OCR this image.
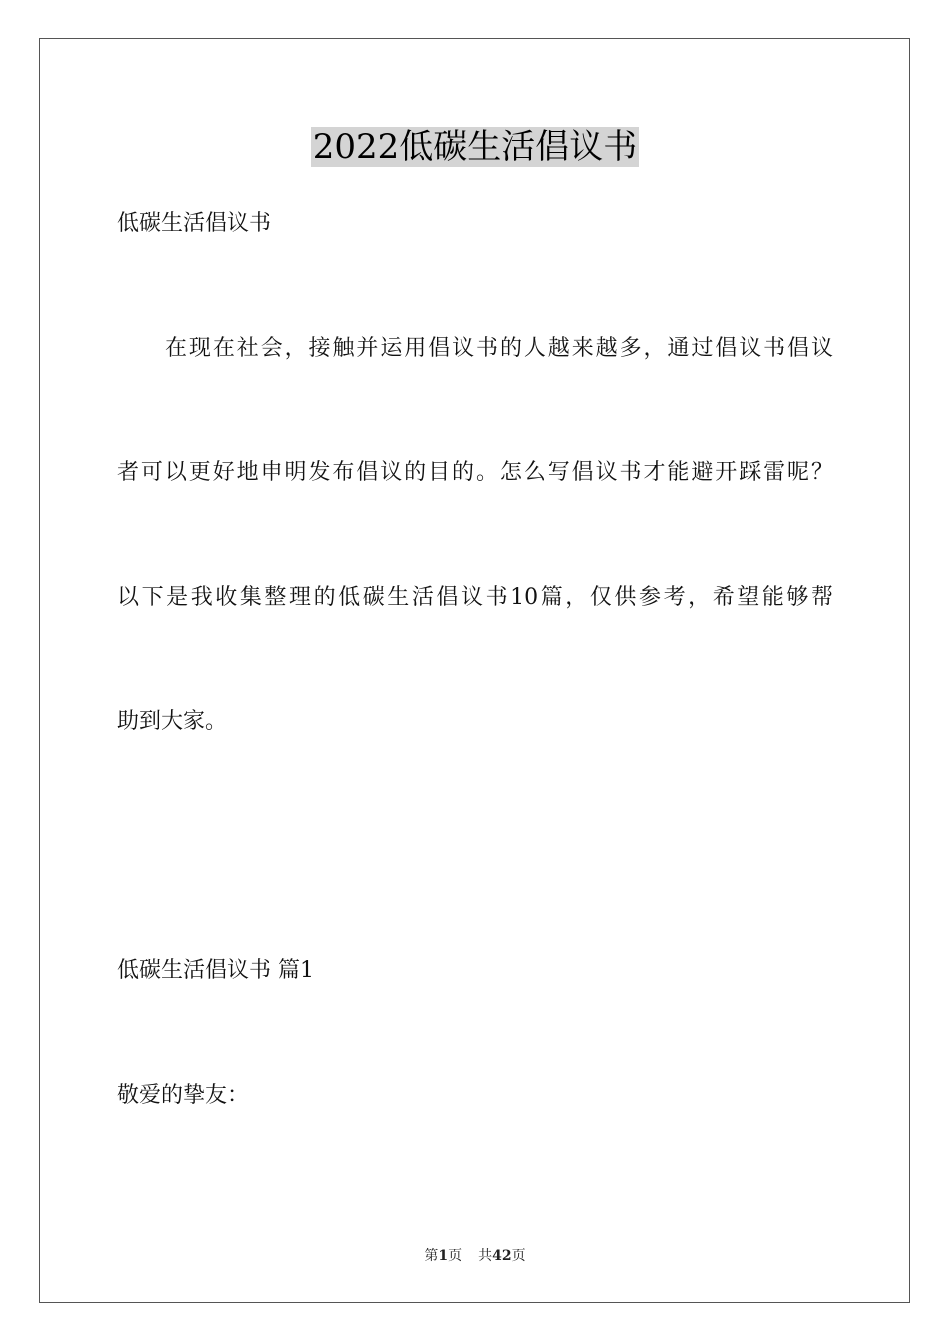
2022低碳生活倡议书

低碳生活倡议书

在现在社会，接触并运用倡议书的人越来越多，通过倡议书倡议

者可以更好地申明发布倡议的目的。怎么写倡议书才能避开踩雷呢？

以下是我收集整理的低碳生活倡议书10篇，仅供参考，希望能够帮

助到大家。

低碳生活倡议书 篇1

敬爱的挚友：

第1页 共42页
